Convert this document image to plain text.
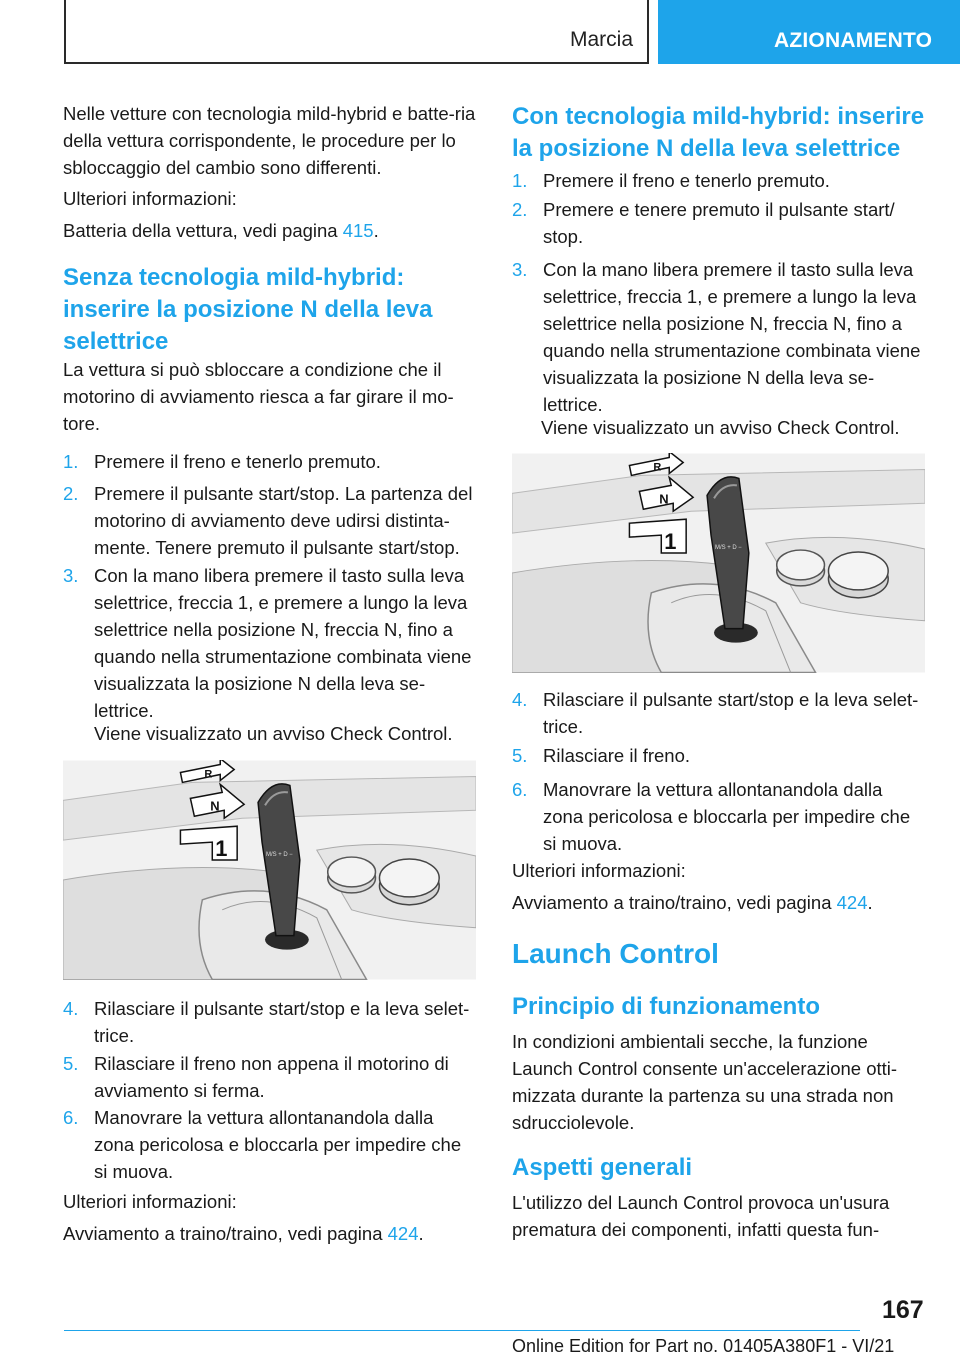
Marcia	AZIONAMENTO

Nelle vetture con tecnologia mild-hybrid e batte-ria della vettura corrispondente, le procedure per lo sbloccaggio del cambio sono differenti.

Ulteriori informazioni:

Batteria della vettura, vedi pagina 415.

Senza tecnologia mild-hybrid: inserire la posizione N della leva selettrice

La vettura si può sbloccare a condizione che il motorino di avviamento riesca a far girare il mo-tore.

1. Premere il freno e tenerlo premuto.
2. Premere il pulsante start/stop. La partenza del motorino di avviamento deve udirsi distinta-mente. Tenere premuto il pulsante start/stop.
3. Con la mano libera premere il tasto sulla leva selettrice, freccia 1, e premere a lungo la leva selettrice nella posizione N, freccia N, fino a quando nella strumentazione combinata viene visualizzata la posizione N della leva se-lettrice.

Viene visualizzato un avviso Check Control.

M/S + D −
R
N
1
4. Rilasciare il pulsante start/stop e la leva selet-trice.
5. Rilasciare il freno non appena il motorino di avviamento si ferma.
6. Manovrare la vettura allontanandola dalla zona pericolosa e bloccarla per impedire che si muova.

Ulteriori informazioni:

Avviamento a traino/traino, vedi pagina 424.

Con tecnologia mild-hybrid: inserire la posizione N della leva selettrice
1. Premere il freno e tenerlo premuto.
2. Premere e tenere premuto il pulsante start/ stop.
3. Con la mano libera premere il tasto sulla leva selettrice, freccia 1, e premere a lungo la leva selettrice nella posizione N, freccia N, fino a quando nella strumentazione combinata viene visualizzata la posizione N della leva se-lettrice.

Viene visualizzato un avviso Check Control.

M/S + D −
R
N
1
4. Rilasciare il pulsante start/stop e la leva selet-trice.
5. Rilasciare il freno.
6. Manovrare la vettura allontanandola dalla zona pericolosa e bloccarla per impedire che si muova.

Ulteriori informazioni:

Avviamento a traino/traino, vedi pagina 424.

Launch Control
Principio di funzionamento

In condizioni ambientali secche, la funzione Launch Control consente un'accelerazione otti-mizzata durante la partenza su una strada non sdrucciolevole.

Aspetti generali

L'utilizzo del Launch Control provoca un'usura prematura dei componenti, infatti questa fun-

167
Online Edition for Part no. 01405A380F1 - VI/21
